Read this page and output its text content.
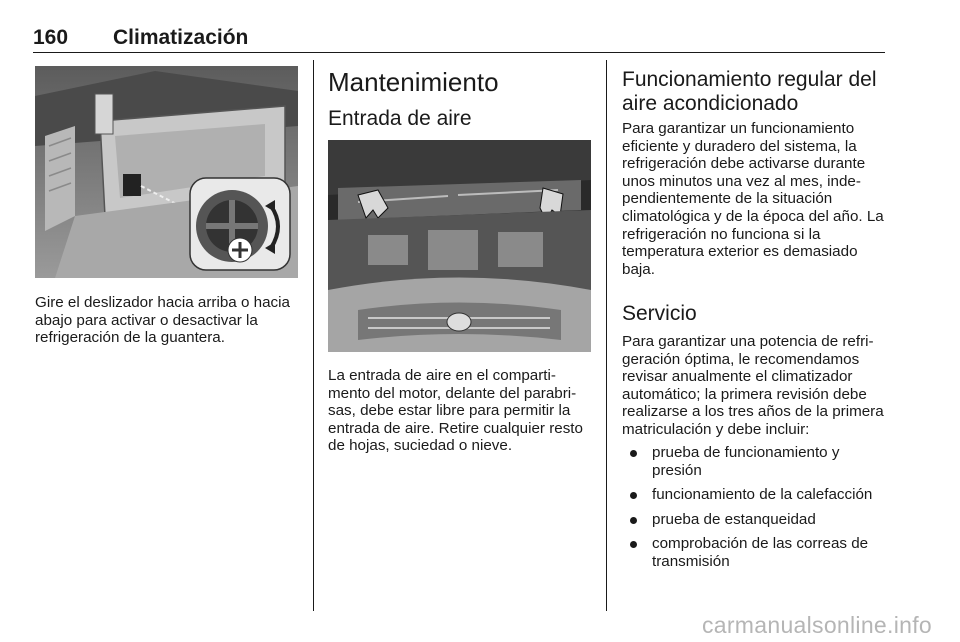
160 Climatización

Gire el deslizador hacia arriba o hacia abajo para activar o desactivar la refrigeración de la guantera.

Mantenimiento
Entrada de aire

La entrada de aire en el comparti-mento del motor, delante del parabri-sas, debe estar libre para permitir la entrada de aire. Retire cualquier resto de hojas, suciedad o nieve.

Funcionamiento regular del aire acondicionado

Para garantizar un funcionamiento eficiente y duradero del sistema, la refrigeración debe activarse durante unos minutos una vez al mes, inde-pendientemente de la situación climatológica y de la época del año. La refrigeración no funciona si la temperatura exterior es demasiado baja.

Servicio

Para garantizar una potencia de refri-geración óptima, le recomendamos revisar anualmente el climatizador automático; la primera revisión debe realizarse a los tres años de la primera matriculación y debe incluir:

prueba de funcionamiento y presión
funcionamiento de la calefacción
prueba de estanqueidad
comprobación de las correas de transmisión
carmanualsonline.info
